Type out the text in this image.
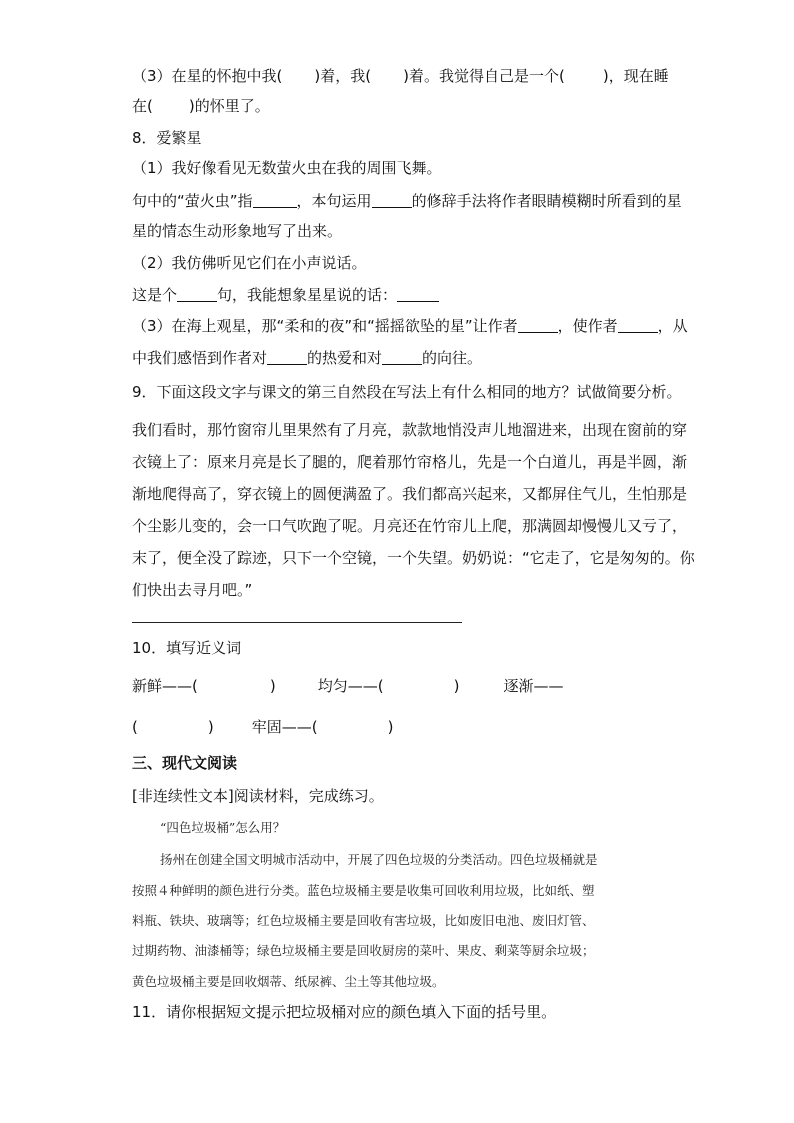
（3）在星的怀抱中我( )着，我( )着。我觉得自己是一个(	)，现在睡
在( )的怀里了。
8．爱繁星
（1）我好像看见无数萤火虫在我的周围飞舞。
句中的“萤火虫”指	，本句运用	的修辞手法将作者眼睛模糊时所看到的星
星的情态生动形象地写了出来。
（2）我仿佛听见它们在小声说话。
这是个	句，我能想象星星说的话：
（3）在海上观星，那“柔和的夜”和“摇摇欲坠的星”让作者	，使作者	，从
中我们感悟到作者对	的热爱和对	的向往。
9．下面这段文字与课文的第三自然段在写法上有什么相同的地方？试做简要分析。
我们看时，那竹窗帘儿里果然有了月亮，款款地悄没声儿地溜进来，出现在窗前的穿
衣镜上了：原来月亮是长了腿的，爬着那竹帘格儿，先是一个白道儿，再是半圆，渐
渐地爬得高了，穿衣镜上的圆便满盈了。我们都高兴起来，又都屏住气儿，生怕那是
个尘影儿变的，会一口气吹跑了呢。月亮还在竹帘儿上爬，那满圆却慢慢儿又亏了，
末了，便全没了踪迹，只下一个空镜，一个失望。奶奶说：“它走了，它是匆匆的。你
们快出去寻月吧。”
10．填写近义词
新鲜——(	)	均匀——(	)	逐渐——
(	)	牢固——(	)
三、现代文阅读
[非连续性文本]阅读材料，完成练习。
“四色垃圾桶”怎么用？
扬州在创建全国文明城市活动中，开展了四色垃圾的分类活动。四色垃圾桶就是
按照４种鲜明的颜色进行分类。蓝色垃圾桶主要是收集可回收利用垃圾，比如纸、塑
料瓶、铁块、玻璃等；红色垃圾桶主要是回收有害垃圾，比如废旧电池、废旧灯管、
过期药物、油漆桶等；绿色垃圾桶主要是回收厨房的菜叶、果皮、剩菜等厨余垃圾；
黄色垃圾桶主要是回收烟蒂、纸尿裤、尘土等其他垃圾。
11．请你根据短文提示把垃圾桶对应的颜色填入下面的括号里。
